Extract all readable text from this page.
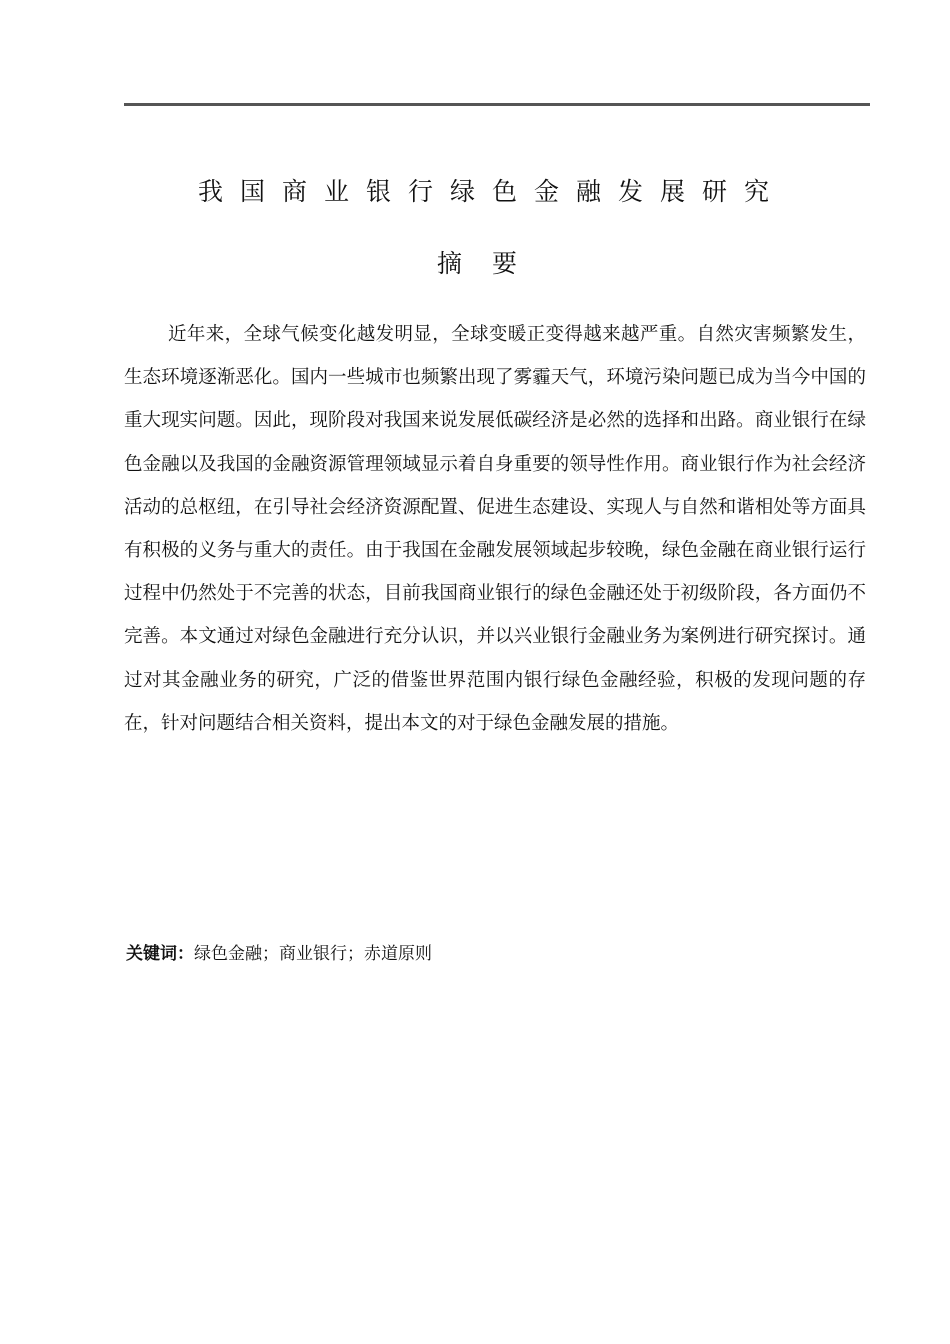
我国商业银行绿色金融发展研究
摘要

近年来，全球气候变化越发明显，全球变暖正变得越来越严重。自然灾害频繁发生，生态环境逐渐恶化。国内一些城市也频繁出现了雾霾天气，环境污染问题已成为当今中国的重大现实问题。因此，现阶段对我国来说发展低碳经济是必然的选择和出路。商业银行在绿色金融以及我国的金融资源管理领域显示着自身重要的领导性作用。商业银行作为社会经济活动的总枢纽，在引导社会经济资源配置、促进生态建设、实现人与自然和谐相处等方面具有积极的义务与重大的责任。由于我国在金融发展领域起步较晚，绿色金融在商业银行运行过程中仍然处于不完善的状态，目前我国商业银行的绿色金融还处于初级阶段，各方面仍不完善。本文通过对绿色金融进行充分认识，并以兴业银行金融业务为案例进行研究探讨。通过对其金融业务的研究，广泛的借鉴世界范围内银行绿色金融经验，积极的发现问题的存在，针对问题结合相关资料，提出本文的对于绿色金融发展的措施。

关键词：绿色金融；商业银行；赤道原则
